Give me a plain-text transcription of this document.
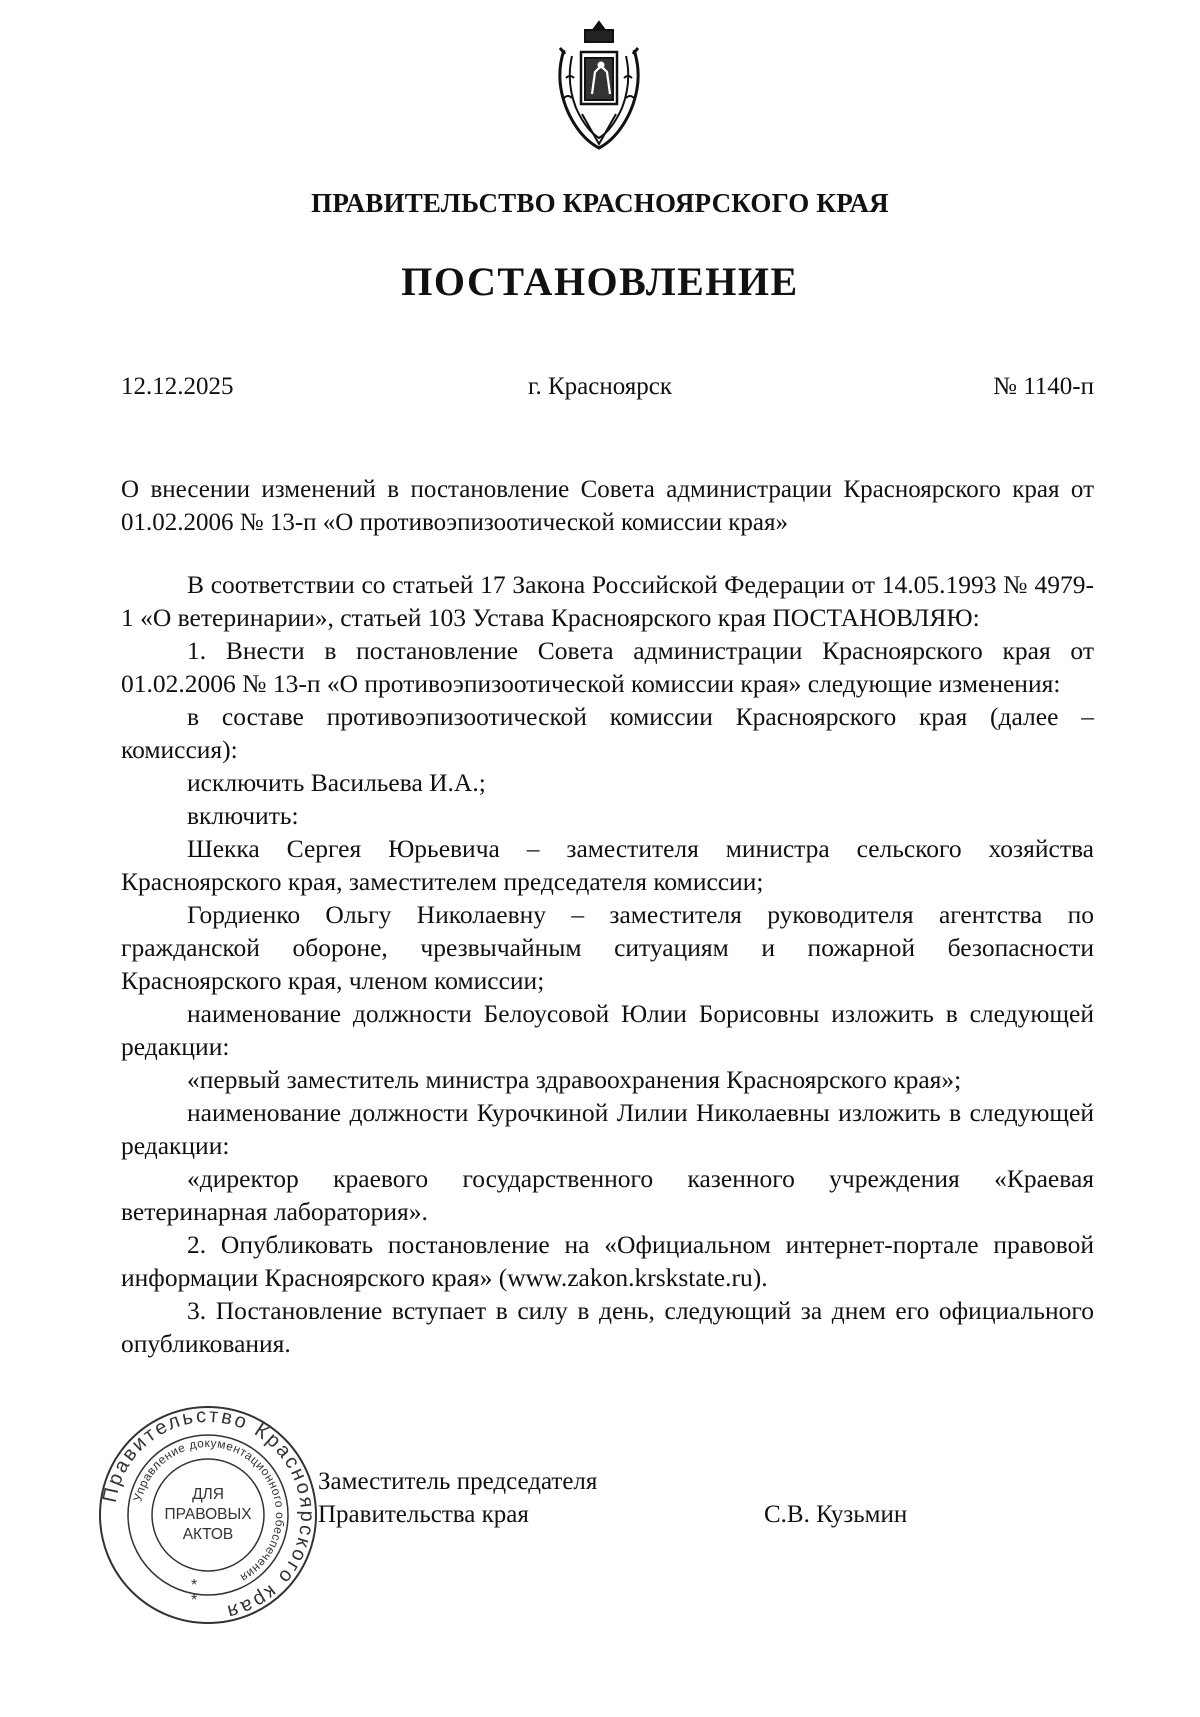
ПРАВИТЕЛЬСТВО КРАСНОЯРСКОГО КРАЯ
ПОСТАНОВЛЕНИЕ
12.12.2025	г. Красноярск	№ 1140-п
О внесении изменений в постановление Совета администрации Красноярского края от 01.02.2006 № 13-п «О противоэпизоотической комиссии края»

В соответствии со статьей 17 Закона Российской Федерации от 14.05.1993 № 4979-1 «О ветеринарии», статьей 103 Устава Красноярского края ПОСТАНОВЛЯЮ:

1. Внести в постановление Совета администрации Красноярского края от 01.02.2006 № 13-п «О противоэпизоотической комиссии края» следующие изменения:

в составе противоэпизоотической комиссии Красноярского края (далее – комиссия):

исключить Васильева И.А.;

включить:

Шекка Сергея Юрьевича – заместителя министра сельского хозяйства Красноярского края, заместителем председателя комиссии;

Гордиенко Ольгу Николаевну – заместителя руководителя агентства по гражданской обороне, чрезвычайным ситуациям и пожарной безопасности Красноярского края, членом комиссии;

наименование должности Белоусовой Юлии Борисовны изложить в следующей редакции:

«первый заместитель министра здравоохранения Красноярского края»;

наименование должности Курочкиной Лилии Николаевны изложить в следующей редакции:

«директор краевого государственного казенного учреждения «Краевая ветеринарная лаборатория».

2. Опубликовать постановление на «Официальном интернет-портале правовой информации Красноярского края» (www.zakon.krskstate.ru).

3. Постановление вступает в силу в день, следующий за днем его официального опубликования.

Правительство Красноярского края
Управление документационного обеспечения
*
*
ДЛЯ
ПРАВОВЫХ
АКТОВ
Заместитель председателя
Правительства края	С.В. Кузьмин
